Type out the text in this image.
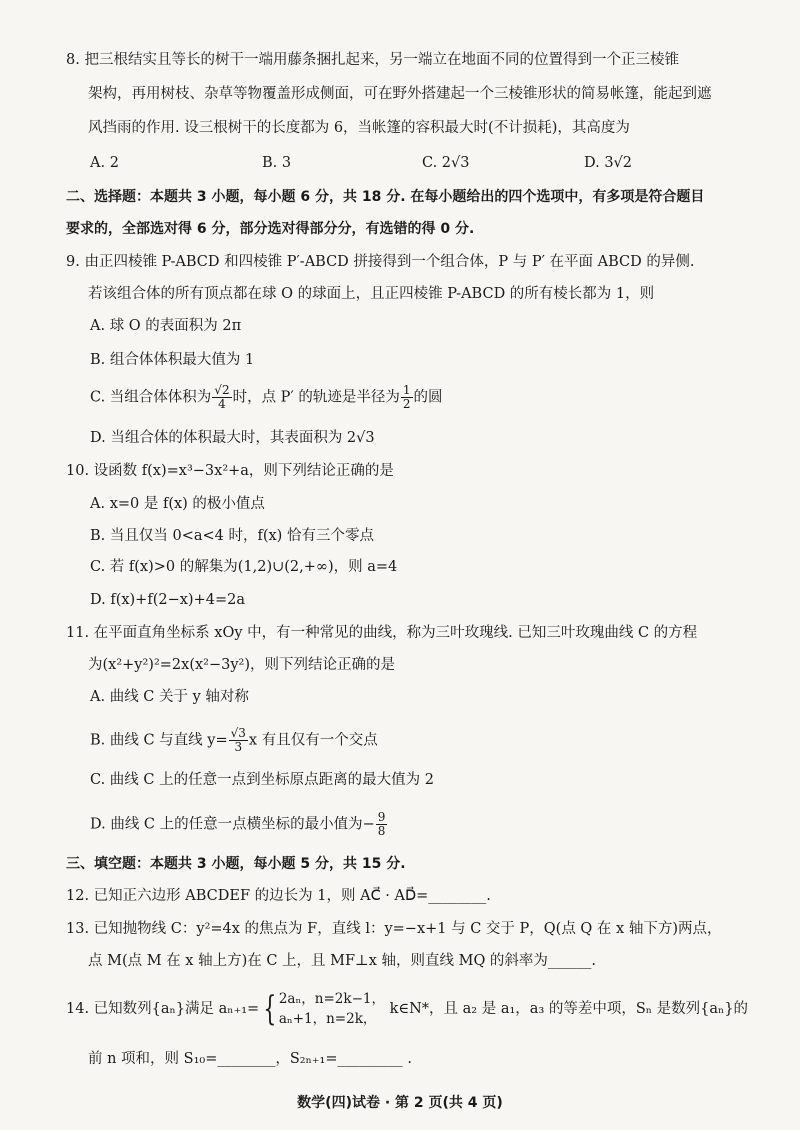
8. 把三根结实且等长的树干一端用藤条捆扎起来，另一端立在地面不同的位置得到一个正三棱锥
架构，再用树枝、杂草等物覆盖形成侧面，可在野外搭建起一个三棱锥形状的简易帐篷，能起到遮
风挡雨的作用. 设三根树干的长度都为 6，当帐篷的容积最大时(不计损耗)，其高度为
A. 2	B. 3	C. 2√3	D. 3√2
二、选择题：本题共 3 小题，每小题 6 分，共 18 分. 在每小题给出的四个选项中，有多项是符合题目
要求的，全部选对得 6 分，部分选对得部分分，有选错的得 0 分.
9. 由正四棱锥 P-ABCD 和四棱锥 P′-ABCD 拼接得到一个组合体，P 与 P′ 在平面 ABCD 的异侧.
若该组合体的所有顶点都在球 O 的球面上，且正四棱锥 P-ABCD 的所有棱长都为 1，则
A. 球 O 的表面积为 2π
B. 组合体体积最大值为 1
C. 当组合体体积为 $\frac{√2}{4}$ 时，点 P′ 的轨迹是半径为 $\frac{1}{2}$ 的圆
D. 当组合体的体积最大时，其表面积为 2√3
10. 设函数 f(x)=x³−3x²+a，则下列结论正确的是
A. x=0 是 f(x) 的极小值点
B. 当且仅当 0<a<4 时，f(x) 恰有三个零点
C. 若 f(x)>0 的解集为(1,2)∪(2,+∞)，则 a=4
D. f(x)+f(2−x)+4=2a
11. 在平面直角坐标系 xOy 中，有一种常见的曲线，称为三叶玫瑰线. 已知三叶玫瑰曲线 C 的方程
为(x²+y²)²=2x(x²−3y²)，则下列结论正确的是
A. 曲线 C 关于 y 轴对称
B. 曲线 C 与直线 $y= \frac{√3}{3}$ x 有且仅有一个交点
C. 曲线 C 上的任意一点到坐标原点距离的最大值为 2
D. 曲线 C 上的任意一点横坐标的最小值为− $\frac{9}{8}$
三、填空题：本题共 3 小题，每小题 5 分，共 15 分.
12. 已知正六边形 ABCDEF 的边长为 1，则 AC⃗ · AD⃗=________.
13. 已知抛物线 C：y²=4x 的焦点为 F，直线 l：y=−x+1 与 C 交于 P，Q(点 Q 在 x 轴下方)两点，
点 M(点 M 在 x 轴上方)在 C 上，且 MF⊥x 轴，则直线 MQ 的斜率为______.
14. 已知数列{aₙ}满足 aₙ₊₁= { 2aₙ，n=2k−1，
aₙ+1，n=2k，
k∈N*，且 a₂ 是 a₁，a₃ 的等差中项，Sₙ 是数列{aₙ}的
前 n 项和，则 S₁₀=________，S₂ₙ₊₁=_________ .
数学(四)试卷 · 第 2 页(共 4 页)
